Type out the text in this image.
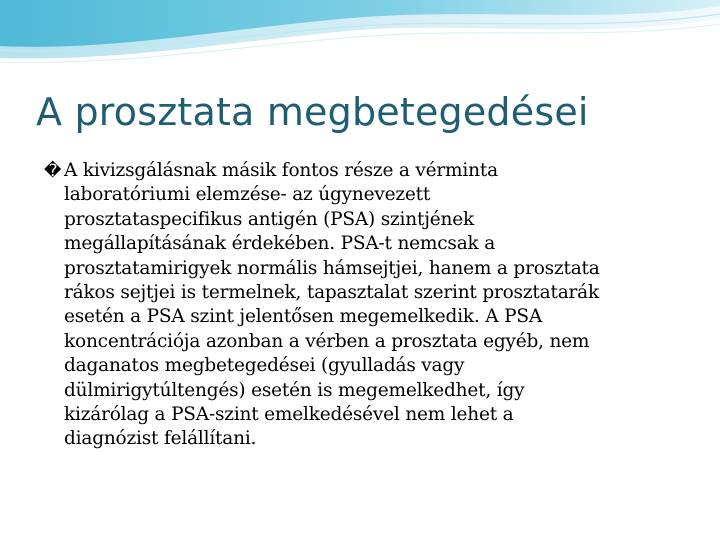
A prosztata megbetegedései
� A kivizsgálásnak másik fontos része a vérminta
laboratóriumi elemzése- az úgynevezett
prosztataspecifikus antigén (PSA) szintjének
megállapításának érdekében. PSA-t nemcsak a
prosztatamirigyek normális hámsejtjei, hanem a prosztata
rákos sejtjei is termelnek, tapasztalat szerint prosztatarák
esetén a PSA szint jelentősen megemelkedik. A PSA
koncentrációja azonban a vérben a prosztata egyéb, nem
daganatos megbetegedései (gyulladás vagy
dülmirigytúltengés) esetén is megemelkedhet, így
kizárólag a PSA-szint emelkedésével nem lehet a
diagnózist felállítani.
